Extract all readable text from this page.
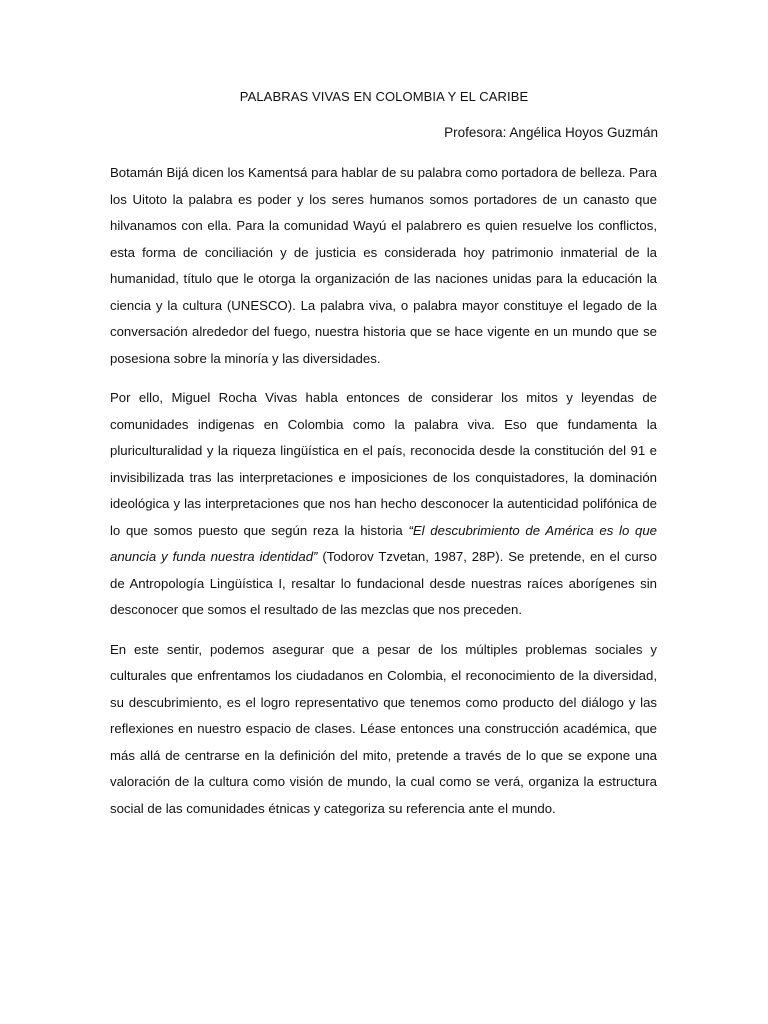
PALABRAS VIVAS EN COLOMBIA Y EL CARIBE

Profesora: Angélica Hoyos Guzmán

Botamán Bijá dicen los Kamentsá para hablar de su palabra como portadora de belleza. Para los Uitoto la palabra es poder y los seres humanos somos portadores de un canasto que hilvanamos con ella. Para la comunidad Wayú el palabrero es quien resuelve los conflictos, esta forma de conciliación y de justicia es considerada hoy patrimonio inmaterial de la humanidad, título que le otorga la organización de las naciones unidas para la educación la ciencia y la cultura (UNESCO). La palabra viva, o palabra mayor constituye el legado de la conversación alrededor del fuego, nuestra historia que se hace vigente en un mundo que se posesiona sobre la minoría y las diversidades.

Por ello, Miguel Rocha Vivas habla entonces de considerar los mitos y leyendas de comunidades indigenas en Colombia como la palabra viva. Eso que fundamenta la pluriculturalidad y la riqueza lingüística en el país, reconocida desde la constitución del 91 e invisibilizada tras las interpretaciones e imposiciones de los conquistadores, la dominación ideológica y las interpretaciones que nos han hecho desconocer la autenticidad polifónica de lo que somos puesto que según reza la historia “El descubrimiento de América es lo que anuncia y funda nuestra identidad” (Todorov Tzvetan, 1987, 28P). Se pretende, en el curso de Antropología Lingüística I, resaltar lo fundacional desde nuestras raíces aborígenes sin desconocer que somos el resultado de las mezclas que nos preceden.

En este sentir, podemos asegurar que a pesar de los múltiples problemas sociales y culturales que enfrentamos los ciudadanos en Colombia, el reconocimiento de la diversidad, su descubrimiento, es el logro representativo que tenemos como producto del diálogo y las reflexiones en nuestro espacio de clases. Léase entonces una construcción académica, que más allá de centrarse en la definición del mito, pretende a través de lo que se expone una valoración de la cultura como visión de mundo, la cual como se verá, organiza la estructura social de las comunidades étnicas y categoriza su referencia ante el mundo.
